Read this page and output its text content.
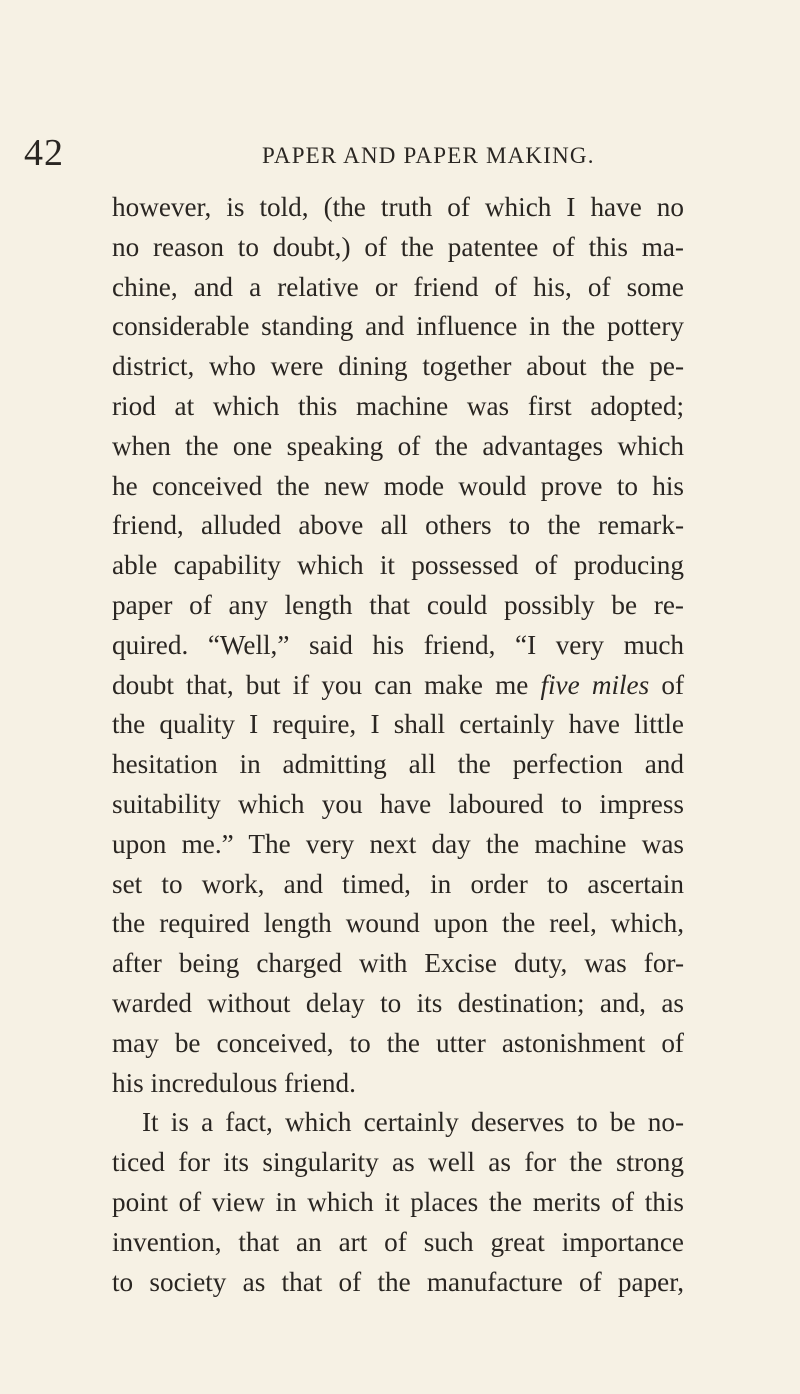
42	PAPER AND PAPER MAKING.
however, is told, (the truth of which I have no
no reason to doubt,) of the patentee of this ma-
chine, and a relative or friend of his, of some
considerable standing and influence in the pottery
district, who were dining together about the pe-
riod at which this machine was first adopted;
when the one speaking of the advantages which
he conceived the new mode would prove to his
friend, alluded above all others to the remark-
able capability which it possessed of producing
paper of any length that could possibly be re-
quired. “Well,” said his friend, “I very much
doubt that, but if you can make me five miles of
the quality I require, I shall certainly have little
hesitation in admitting all the perfection and
suitability which you have laboured to impress
upon me.” The very next day the machine was
set to work, and timed, in order to ascertain
the required length wound upon the reel, which,
after being charged with Excise duty, was for-
warded without delay to its destination; and, as
may be conceived, to the utter astonishment of
his incredulous friend.
It is a fact, which certainly deserves to be no-
ticed for its singularity as well as for the strong
point of view in which it places the merits of this
invention, that an art of such great importance
to society as that of the manufacture of paper,
